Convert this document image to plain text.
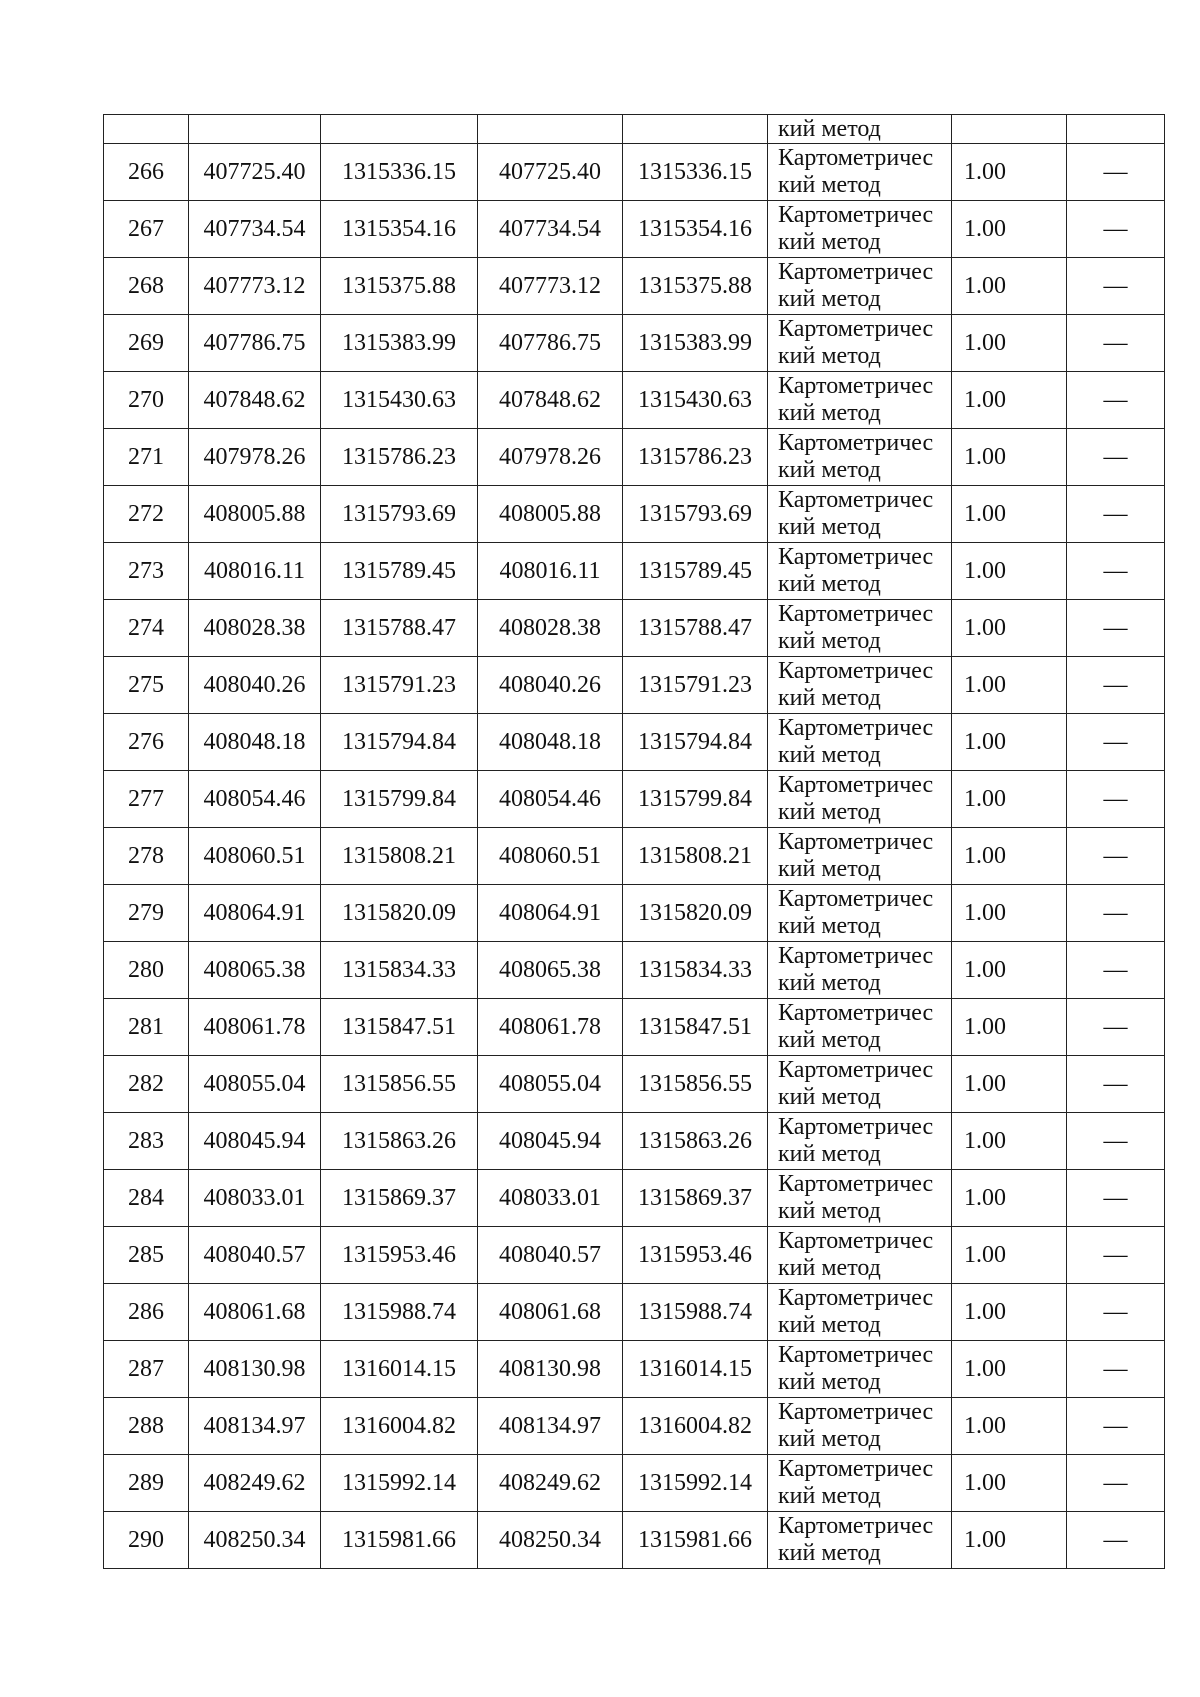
					кий метод		

266	407725.40	1315336.15	407725.40	1315336.15	Картометричес
кий метод	1.00	—
267	407734.54	1315354.16	407734.54	1315354.16	Картометричес
кий метод	1.00	—
268	407773.12	1315375.88	407773.12	1315375.88	Картометричес
кий метод	1.00	—
269	407786.75	1315383.99	407786.75	1315383.99	Картометричес
кий метод	1.00	—
270	407848.62	1315430.63	407848.62	1315430.63	Картометричес
кий метод	1.00	—
271	407978.26	1315786.23	407978.26	1315786.23	Картометричес
кий метод	1.00	—
272	408005.88	1315793.69	408005.88	1315793.69	Картометричес
кий метод	1.00	—
273	408016.11	1315789.45	408016.11	1315789.45	Картометричес
кий метод	1.00	—
274	408028.38	1315788.47	408028.38	1315788.47	Картометричес
кий метод	1.00	—
275	408040.26	1315791.23	408040.26	1315791.23	Картометричес
кий метод	1.00	—
276	408048.18	1315794.84	408048.18	1315794.84	Картометричес
кий метод	1.00	—
277	408054.46	1315799.84	408054.46	1315799.84	Картометричес
кий метод	1.00	—
278	408060.51	1315808.21	408060.51	1315808.21	Картометричес
кий метод	1.00	—
279	408064.91	1315820.09	408064.91	1315820.09	Картометричес
кий метод	1.00	—
280	408065.38	1315834.33	408065.38	1315834.33	Картометричес
кий метод	1.00	—
281	408061.78	1315847.51	408061.78	1315847.51	Картометричес
кий метод	1.00	—
282	408055.04	1315856.55	408055.04	1315856.55	Картометричес
кий метод	1.00	—
283	408045.94	1315863.26	408045.94	1315863.26	Картометричес
кий метод	1.00	—
284	408033.01	1315869.37	408033.01	1315869.37	Картометричес
кий метод	1.00	—
285	408040.57	1315953.46	408040.57	1315953.46	Картометричес
кий метод	1.00	—
286	408061.68	1315988.74	408061.68	1315988.74	Картометричес
кий метод	1.00	—
287	408130.98	1316014.15	408130.98	1316014.15	Картометричес
кий метод	1.00	—
288	408134.97	1316004.82	408134.97	1316004.82	Картометричес
кий метод	1.00	—
289	408249.62	1315992.14	408249.62	1315992.14	Картометричес
кий метод	1.00	—
290	408250.34	1315981.66	408250.34	1315981.66	Картометричес
кий метод	1.00	—
